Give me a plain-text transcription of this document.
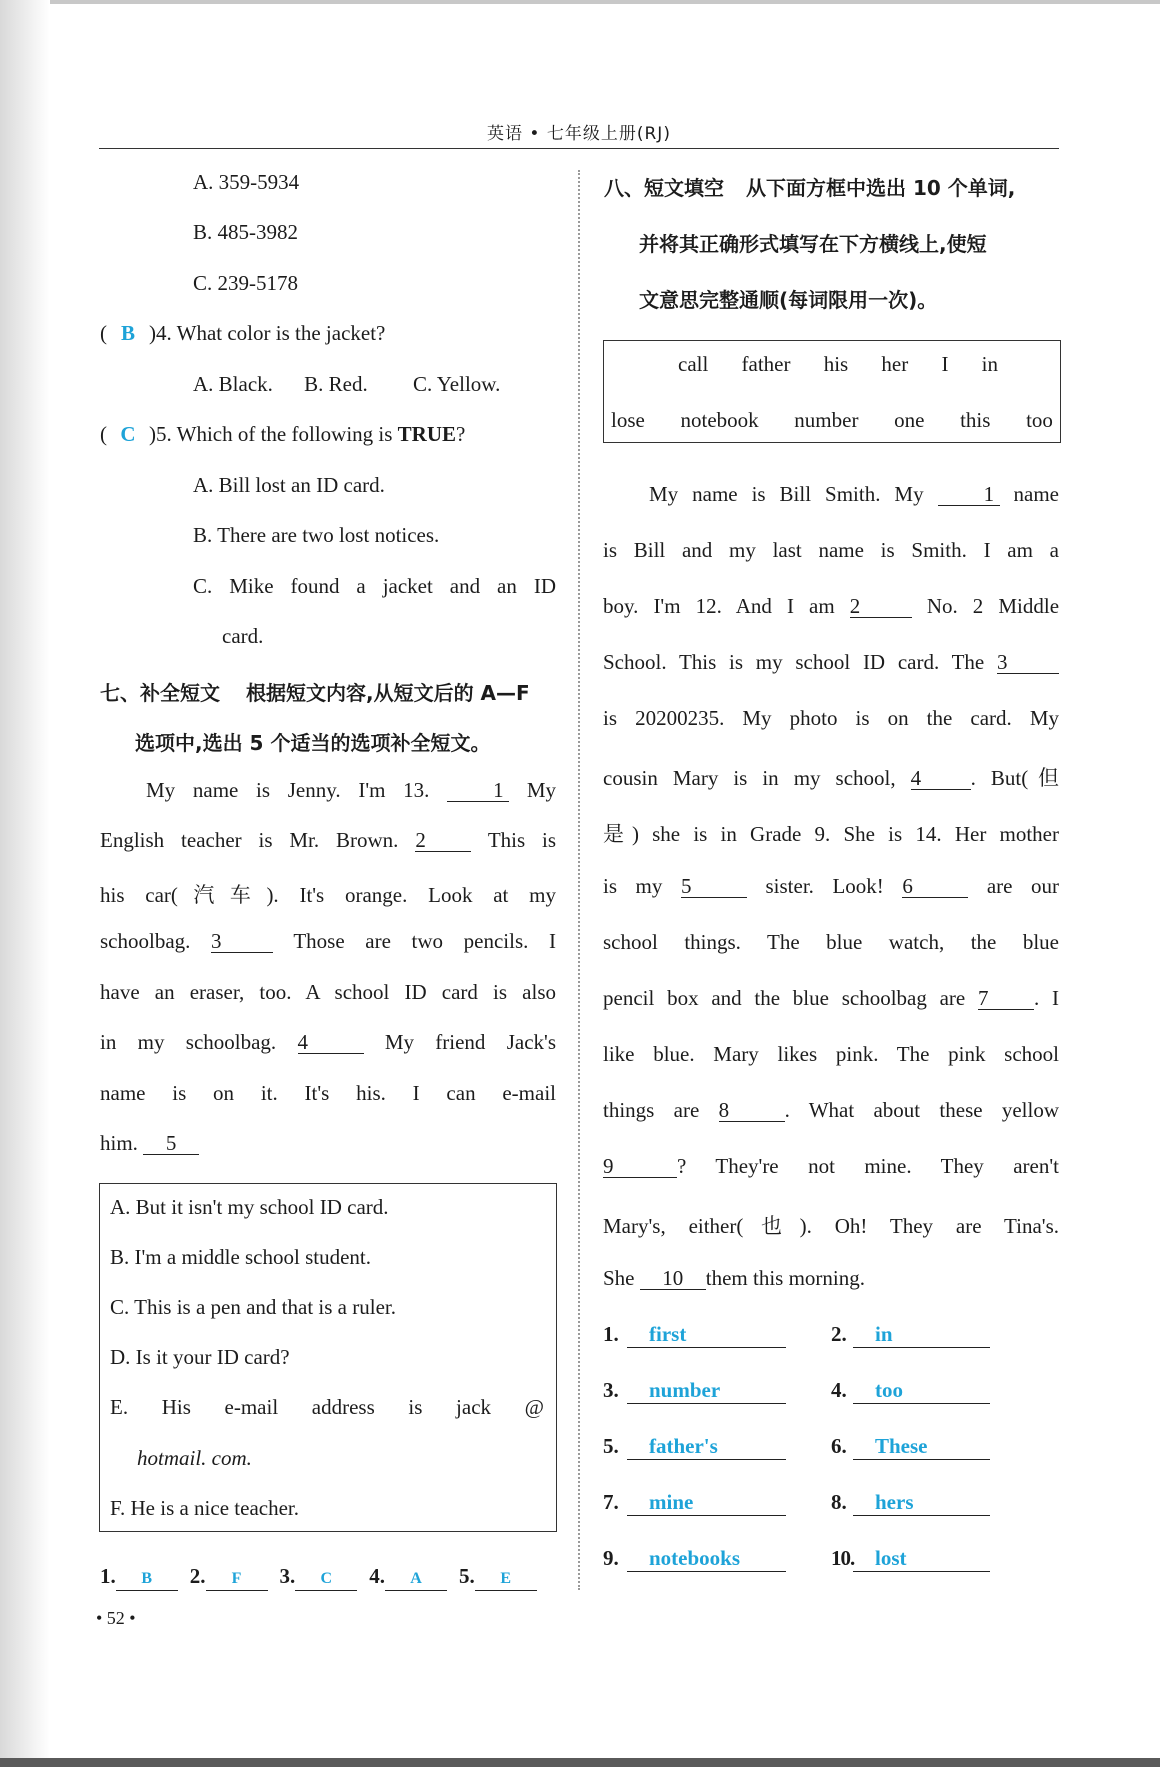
英语 • 七年级上册(RJ)
A. 359-5934
B. 485-3982
C. 239-5178
( B )4. What color is the jacket?
A. Black. B. Red. C. Yellow.
( C )5. Which of the following is TRUE?
A. Bill lost an ID card.
B. There are two lost notices.
C. Mike found a jacket and an ID
card.
七、补全短文 根据短文内容,从短文后的 A—F
选项中,选出 5 个适当的选项补全短文。
My name is Jenny. I'm 13.	1 My
English teacher is Mr. Brown. 2	This is
his car(汽车). It's orange. Look at my
schoolbag. 3	Those are two pencils. I
have an eraser, too. A school ID card is also
in my schoolbag. 4	My friend Jack's
name is on it. It's his. I can e-mail
him. 5
A. But it isn't my school ID card.
B. I'm a middle school student.
C. This is a pen and that is a ruler.
D. Is it your ID card?
E. His e-mail address is jack @
hotmail. com.
F. He is a nice teacher.
1. B 2. F 3. C 4. A 5. E
• 52 •
八、短文填空 从下面方框中选出 10 个单词,
并将其正确形式填写在下方横线上,使短
文意思完整通顺(每词限用一次)。
call father his her I in
lose notebook number one this too
My name is Bill Smith. My	1 name
is Bill and my last name is Smith. I am a
boy. I'm 12. And I am 2	No. 2 Middle
School. This is my school ID card. The 3
is 20200235. My photo is on the card. My
cousin Mary is in my school, 4 . But(但
是) she is in Grade 9. She is 14. Her mother
is my 5	sister. Look! 6	are our
school things. The blue watch, the blue
pencil box and the blue schoolbag are 7 . I
like blue. Mary likes pink. The pink school
things are 8	. What about these yellow
9	? They're not mine. They aren't
Mary's, either(也). Oh! They are Tina's.
She 10 them this morning.
1. first	2. in
3. number	4. too
5. father's	6. These
7. mine	8. hers
9. notebooks	10. lost
